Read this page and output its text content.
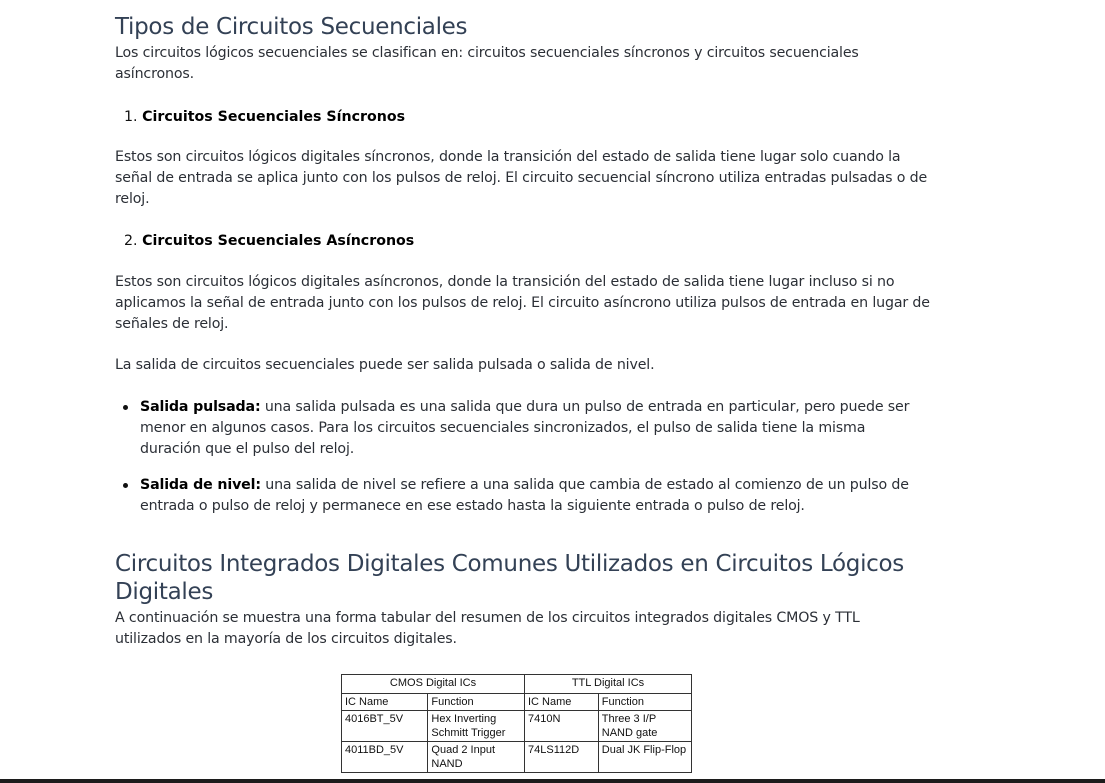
Tipos de Circuitos Secuenciales

Los circuitos lógicos secuenciales se clasifican en: circuitos secuenciales síncronos y circuitos secuenciales asíncronos.

1. Circuitos Secuenciales Síncronos

Estos son circuitos lógicos digitales síncronos, donde la transición del estado de salida tiene lugar solo cuando la señal de entrada se aplica junto con los pulsos de reloj. El circuito secuencial síncrono utiliza entradas pulsadas o de reloj.

2. Circuitos Secuenciales Asíncronos

Estos son circuitos lógicos digitales asíncronos, donde la transición del estado de salida tiene lugar incluso si no aplicamos la señal de entrada junto con los pulsos de reloj. El circuito asíncrono utiliza pulsos de entrada en lugar de señales de reloj.

La salida de circuitos secuenciales puede ser salida pulsada o salida de nivel.

Salida pulsada: una salida pulsada es una salida que dura un pulso de entrada en particular, pero puede ser menor en algunos casos. Para los circuitos secuenciales sincronizados, el pulso de salida tiene la misma duración que el pulso del reloj.

Salida de nivel: una salida de nivel se refiere a una salida que cambia de estado al comienzo de un pulso de entrada o pulso de reloj y permanece en ese estado hasta la siguiente entrada o pulso de reloj.

Circuitos Integrados Digitales Comunes Utilizados en Circuitos Lógicos Digitales

A continuación se muestra una forma tabular del resumen de los circuitos integrados digitales CMOS y TTL utilizados en la mayoría de los circuitos digitales.

CMOS Digital ICs		TTL Digital ICs	
IC Name	Function	IC Name	Function
4016BT_5V	Hex Inverting Schmitt Trigger	7410N	Three 3 I/P NAND gate
4011BD_5V	Quad 2 Input NAND	74LS112D	Dual JK Flip-Flop
